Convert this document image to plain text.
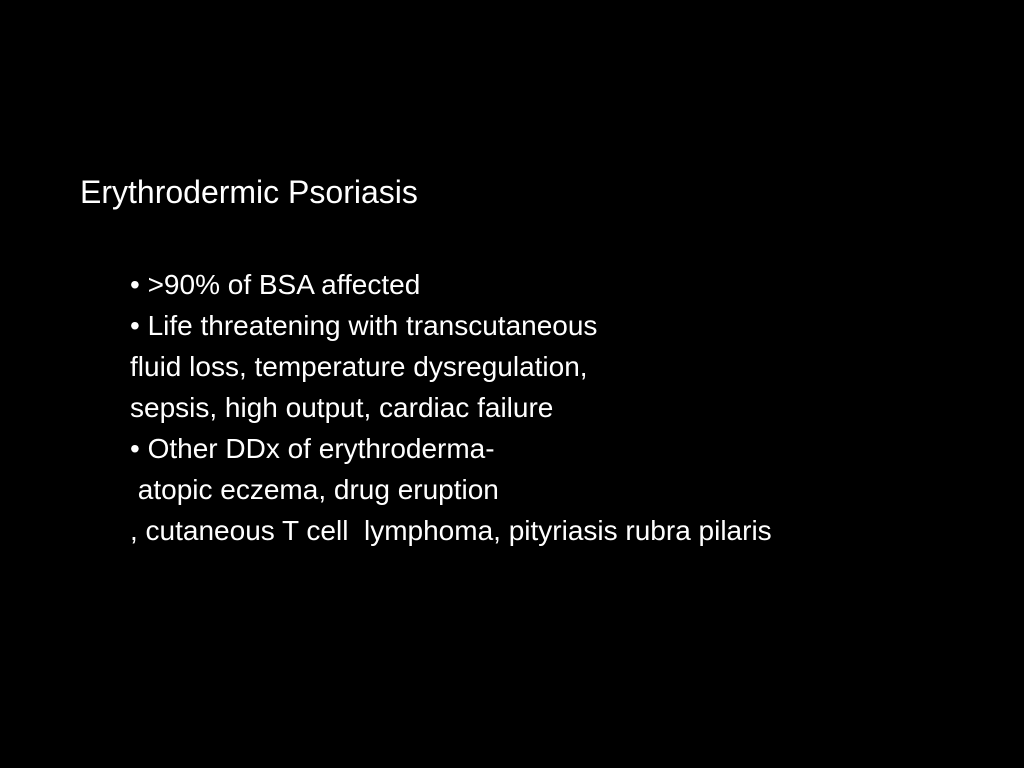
Erythrodermic Psoriasis
• >90% of BSA affected
• Life threatening with transcutaneous
fluid loss, temperature dysregulation,
sepsis, high output, cardiac failure
• Other DDx of erythroderma-
atopic eczema, drug eruption
, cutaneous T cell  lymphoma, pityriasis rubra pilaris
